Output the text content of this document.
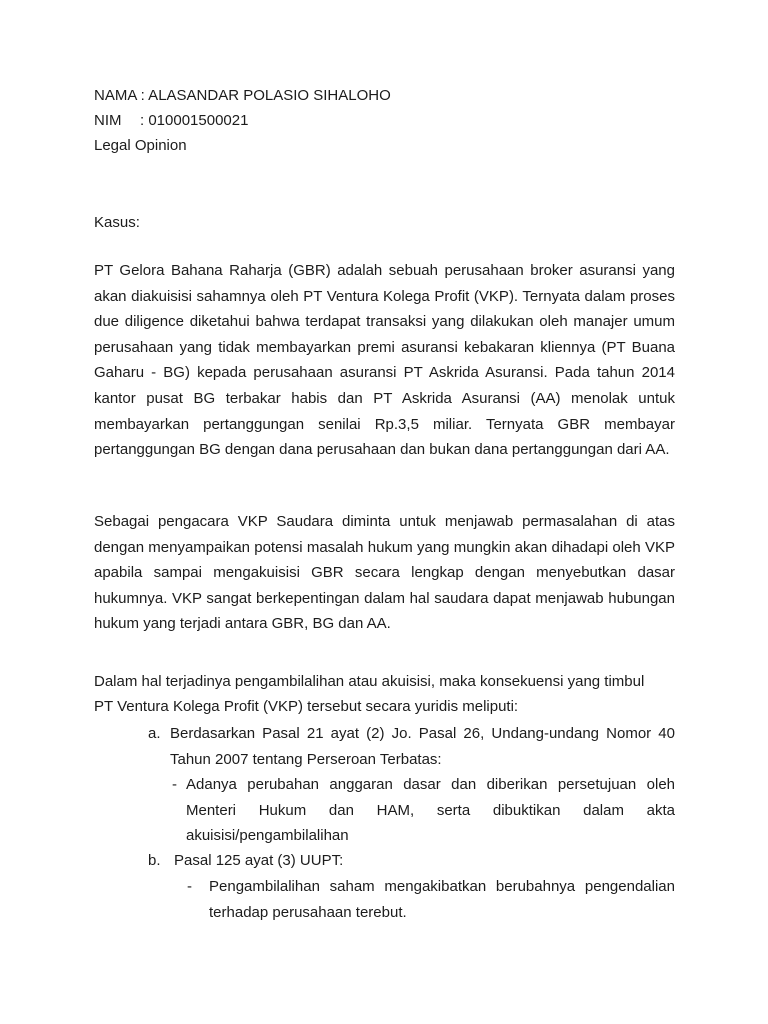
NAMA : ALASANDAR POLASIO SIHALOHO
NIM : 010001500021
Legal Opinion
Kasus:

PT Gelora Bahana Raharja (GBR) adalah sebuah perusahaan broker asuransi yang akan diakuisisi sahamnya oleh PT Ventura Kolega Profit (VKP). Ternyata dalam proses due diligence diketahui bahwa terdapat transaksi yang dilakukan oleh manajer umum perusahaan yang tidak membayarkan premi asuransi kebakaran kliennya (PT Buana Gaharu - BG) kepada perusahaan asuransi PT Askrida Asuransi. Pada tahun 2014 kantor pusat BG terbakar habis dan PT Askrida Asuransi (AA) menolak untuk membayarkan pertanggungan senilai Rp.3,5 miliar. Ternyata GBR membayar pertanggungan BG dengan dana perusahaan dan bukan dana pertanggungan dari AA.

Sebagai pengacara VKP Saudara diminta untuk menjawab permasalahan di atas dengan menyampaikan potensi masalah hukum yang mungkin akan dihadapi oleh VKP apabila sampai mengakuisisi GBR secara lengkap dengan menyebutkan dasar hukumnya. VKP sangat berkepentingan dalam hal saudara dapat menjawab hubungan hukum yang terjadi antara GBR, BG dan AA.

Dalam hal terjadinya pengambilalihan atau akuisisi, maka konsekuensi yang timbul
PT Ventura Kolega Profit (VKP) tersebut secara yuridis meliputi:
a. Berdasarkan Pasal 21 ayat (2) Jo. Pasal 26, Undang-undang Nomor 40 Tahun 2007 tentang Perseroan Terbatas:
- Adanya perubahan anggaran dasar dan diberikan persetujuan oleh Menteri Hukum dan HAM, serta dibuktikan dalam akta akuisisi/pengambilalihan
b. Pasal 125 ayat (3) UUPT:
- Pengambilalihan saham mengakibatkan berubahnya pengendalian terhadap perusahaan terebut.
